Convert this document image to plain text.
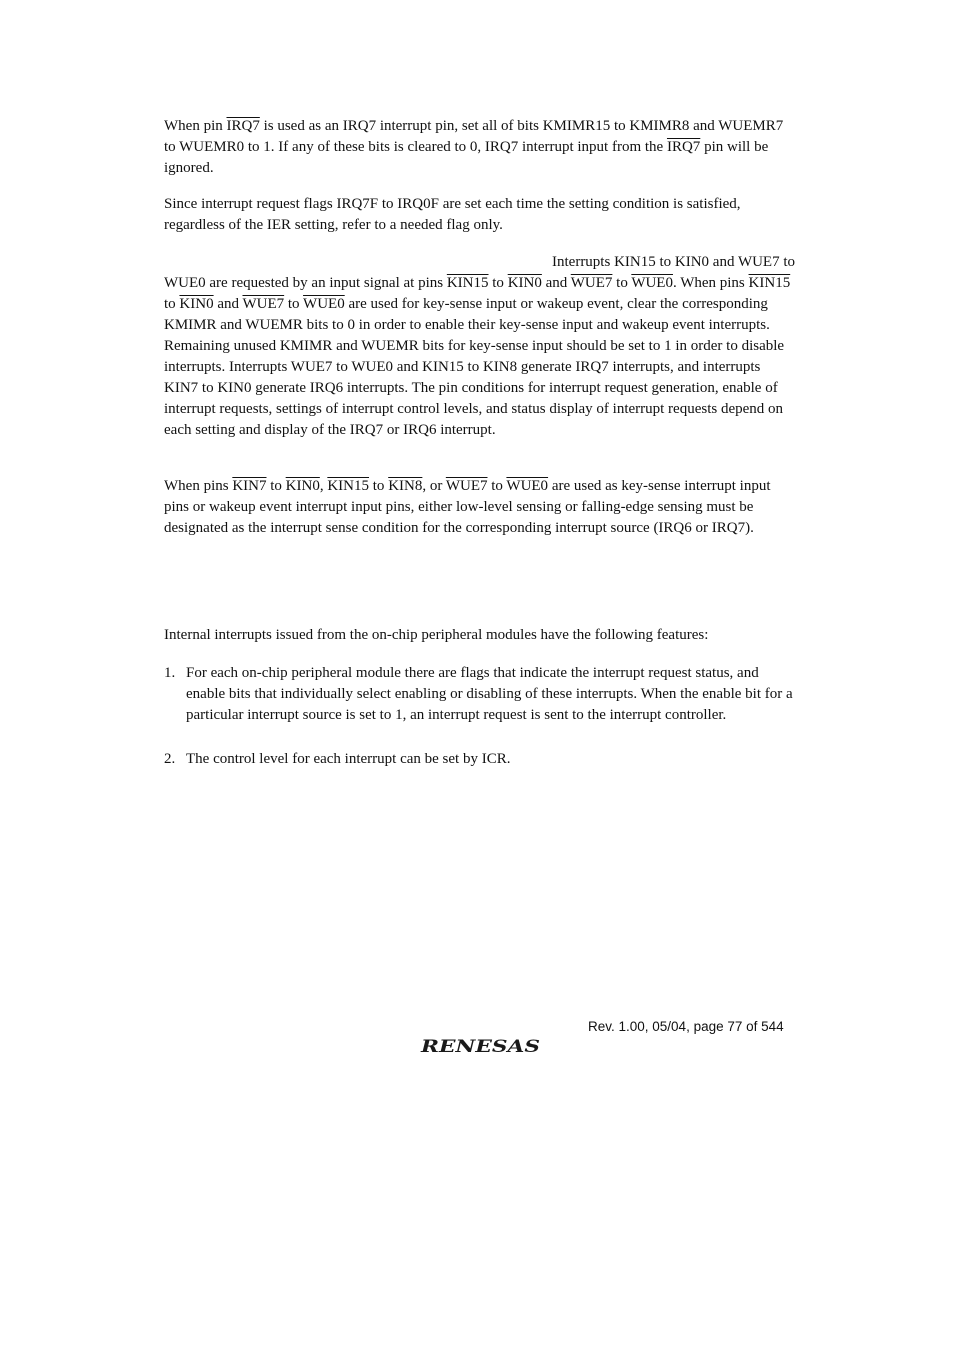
When pin IRQ7 is used as an IRQ7 interrupt pin, set all of bits KMIMR15 to KMIMR8 and WUEMR7 to WUEMR0 to 1. If any of these bits is cleared to 0, IRQ7 interrupt input from the IRQ7 pin will be ignored.

Since interrupt request flags IRQ7F to IRQ0F are set each time the setting condition is satisfied, regardless of the IER setting, refer to a needed flag only.

Interrupts KIN15 to KIN0 and WUE7 to WUE0 are requested by an input signal at pins KIN15 to KIN0 and WUE7 to WUE0. When pins KIN15 to KIN0 and WUE7 to WUE0 are used for key-sense input or wakeup event, clear the corresponding KMIMR and WUEMR bits to 0 in order to enable their key-sense input and wakeup event interrupts. Remaining unused KMIMR and WUEMR bits for key-sense input should be set to 1 in order to disable interrupts. Interrupts WUE7 to WUE0 and KIN15 to KIN8 generate IRQ7 interrupts, and interrupts KIN7 to KIN0 generate IRQ6 interrupts. The pin conditions for interrupt request generation, enable of interrupt requests, settings of interrupt control levels, and status display of interrupt requests depend on each setting and display of the IRQ7 or IRQ6 interrupt.

When pins KIN7 to KIN0, KIN15 to KIN8, or WUE7 to WUE0 are used as key-sense interrupt input pins or wakeup event interrupt input pins, either low-level sensing or falling-edge sensing must be designated as the interrupt sense condition for the corresponding interrupt source (IRQ6 or IRQ7).

Internal interrupts issued from the on-chip peripheral modules have the following features:

1. For each on-chip peripheral module there are flags that indicate the interrupt request status, and enable bits that individually select enabling or disabling of these interrupts. When the enable bit for a particular interrupt source is set to 1, an interrupt request is sent to the interrupt controller.
2. The control level for each interrupt can be set by ICR.
Rev. 1.00, 05/04, page 77 of 544
RENESAS
